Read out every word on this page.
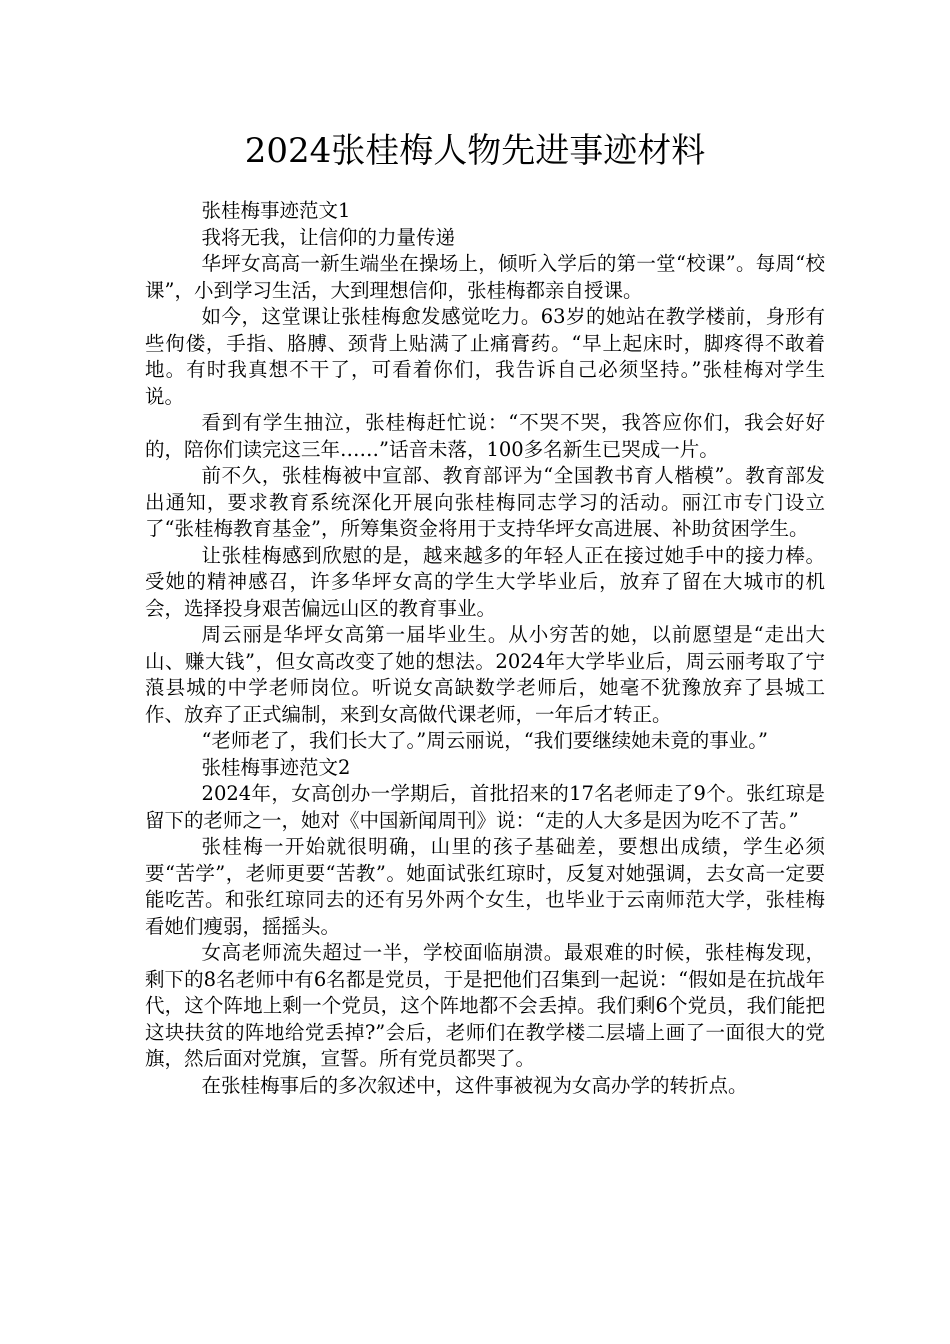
2024张桂梅人物先进事迹材料

张桂梅事迹范文1

我将无我，让信仰的力量传递

华坪女高高一新生端坐在操场上，倾听入学后的第一堂“校课”。每周“校课”，小到学习生活，大到理想信仰，张桂梅都亲自授课。

如今，这堂课让张桂梅愈发感觉吃力。63岁的她站在教学楼前，身形有些佝偻，手指、胳膊、颈背上贴满了止痛膏药。“早上起床时，脚疼得不敢着地。有时我真想不干了，可看着你们，我告诉自己必须坚持。”张桂梅对学生说。

看到有学生抽泣，张桂梅赶忙说：“不哭不哭，我答应你们，我会好好的，陪你们读完这三年……”话音未落，100多名新生已哭成一片。

前不久，张桂梅被中宣部、教育部评为“全国教书育人楷模”。教育部发出通知，要求教育系统深化开展向张桂梅同志学习的活动。丽江市专门设立了“张桂梅教育基金”，所筹集资金将用于支持华坪女高进展、补助贫困学生。

让张桂梅感到欣慰的是，越来越多的年轻人正在接过她手中的接力棒。受她的精神感召，许多华坪女高的学生大学毕业后，放弃了留在大城市的机会，选择投身艰苦偏远山区的教育事业。

周云丽是华坪女高第一届毕业生。从小穷苦的她，以前愿望是“走出大山、赚大钱”，但女高改变了她的想法。2024年大学毕业后，周云丽考取了宁蒗县城的中学老师岗位。听说女高缺数学老师后，她毫不犹豫放弃了县城工作、放弃了正式编制，来到女高做代课老师，一年后才转正。

“老师老了，我们长大了。”周云丽说，“我们要继续她未竟的事业。”

张桂梅事迹范文2

2024年，女高创办一学期后，首批招来的17名老师走了9个。张红琼是留下的老师之一，她对《中国新闻周刊》说：“走的人大多是因为吃不了苦。”

张桂梅一开始就很明确，山里的孩子基础差，要想出成绩，学生必须要“苦学”，老师更要“苦教”。她面试张红琼时，反复对她强调，去女高一定要能吃苦。和张红琼同去的还有另外两个女生，也毕业于云南师范大学，张桂梅看她们瘦弱，摇摇头。

女高老师流失超过一半，学校面临崩溃。最艰难的时候，张桂梅发现，剩下的8名老师中有6名都是党员，于是把他们召集到一起说：“假如是在抗战年代，这个阵地上剩一个党员，这个阵地都不会丢掉。我们剩6个党员，我们能把这块扶贫的阵地给党丢掉?”会后，老师们在教学楼二层墙上画了一面很大的党旗，然后面对党旗，宣誓。所有党员都哭了。

在张桂梅事后的多次叙述中，这件事被视为女高办学的转折点。
